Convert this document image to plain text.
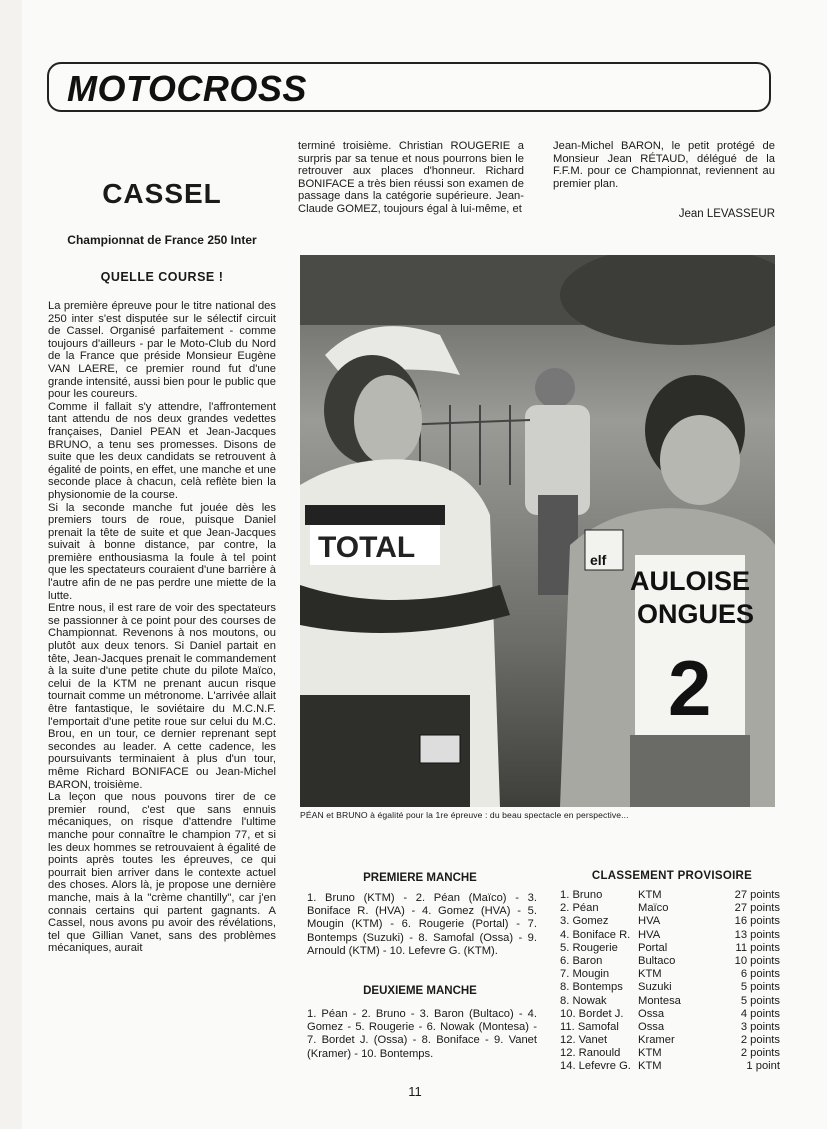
MOTOCROSS
CASSEL
Championnat de France 250 Inter
QUELLE COURSE !

La première épreuve pour le titre national des 250 inter s'est disputée sur le sélectif circuit de Cassel. Organisé parfaitement - comme toujours d'ailleurs - par le Moto-Club du Nord de la France que préside Monsieur Eugène VAN LAERE, ce premier round fut d'une grande intensité, aussi bien pour le public que pour les coureurs.

Comme il fallait s'y attendre, l'affrontement tant attendu de nos deux grandes vedettes françaises, Daniel PEAN et Jean-Jacques BRUNO, a tenu ses promesses. Disons de suite que les deux candidats se retrouvent à égalité de points, en effet, une manche et une seconde place à chacun, celà reflète bien la physionomie de la course.

Si la seconde manche fut jouée dès les premiers tours de roue, puisque Daniel prenait la tête de suite et que Jean-Jacques suivait à bonne distance, par contre, la première enthousiasma la foule à tel point que les spectateurs couraient d'une barrière à l'autre afin de ne pas perdre une miette de la lutte.

Entre nous, il est rare de voir des spectateurs se passionner à ce point pour des courses de Championnat. Revenons à nos moutons, ou plutôt aux deux tenors. Si Daniel partait en tête, Jean-Jacques prenait le commandement à la suite d'une petite chute du pilote Maïco, celui de la KTM ne prenant aucun risque tournait comme un métronome. L'arrivée allait être fantastique, le soviétaire du M.C.N.F. l'emportait d'une petite roue sur celui du M.C. Brou, en un tour, ce dernier reprenant sept secondes au leader. A cette cadence, les poursuivants terminaient à plus d'un tour, même Richard BONIFACE ou Jean-Michel BARON, troisième.

La leçon que nous pouvons tirer de ce premier round, c'est que sans ennuis mécaniques, on risque d'attendre l'ultime manche pour connaître le champion 77, et si les deux hommes se retrouvaient à égalité de points après toutes les épreuves, ce qui pourrait bien arriver dans le contexte actuel des choses. Alors là, je propose une dernière manche, mais à la "crème chantilly", car j'en connais certains qui partent gagnants. A Cassel, nous avons pu avoir des révélations, tel que Gillian Vanet, sans des problèmes mécaniques, aurait

terminé troisième. Christian ROUGERIE a surpris par sa tenue et nous pourrons bien le retrouver aux places d'honneur. Richard BONIFACE a très bien réussi son examen de passage dans la catégorie supérieure. Jean-Claude GOMEZ, toujours égal à lui-même, et

Jean-Michel BARON, le petit protégé de Monsieur Jean RÉTAUD, délégué de la F.F.M. pour ce Championnat, reviennent au premier plan.

Jean LEVASSEUR
TOTAL
AULOISE
ONGUES
2
elf
PÉAN et BRUNO à égalité pour la 1re épreuve : du beau spectacle en perspective...
PREMIERE MANCHE
1. Bruno (KTM) - 2. Péan (Maïco) - 3. Boniface R. (HVA) - 4. Gomez (HVA) - 5. Mougin (KTM) - 6. Rougerie (Portal) - 7. Bontemps (Suzuki) - 8. Samofal (Ossa) - 9. Arnould (KTM) - 10. Lefevre G. (KTM).
DEUXIEME MANCHE
1. Péan - 2. Bruno - 3. Baron (Bultaco) - 4. Gomez - 5. Rougerie - 6. Nowak (Montesa) - 7. Bordet J. (Ossa) - 8. Boniface - 9. Vanet (Kramer) - 10. Bontemps.
CLASSEMENT PROVISOIRE
1. Bruno	KTM	27 points
2. Péan	Maïco	27 points
3. Gomez	HVA	16 points
4. Boniface R. HVA	13 points
5. Rougerie	Portal	11 points
6. Baron	Bultaco	10 points
7. Mougin	KTM	6 points
8. Bontemps	Suzuki	5 points
8. Nowak	Montesa	5 points
10. Bordet J.	Ossa	4 points
11. Samofal	Ossa	3 points
12. Vanet	Kramer	2 points
12. Ranould	KTM	2 points
14. Lefevre G. KTM	1 point
11
